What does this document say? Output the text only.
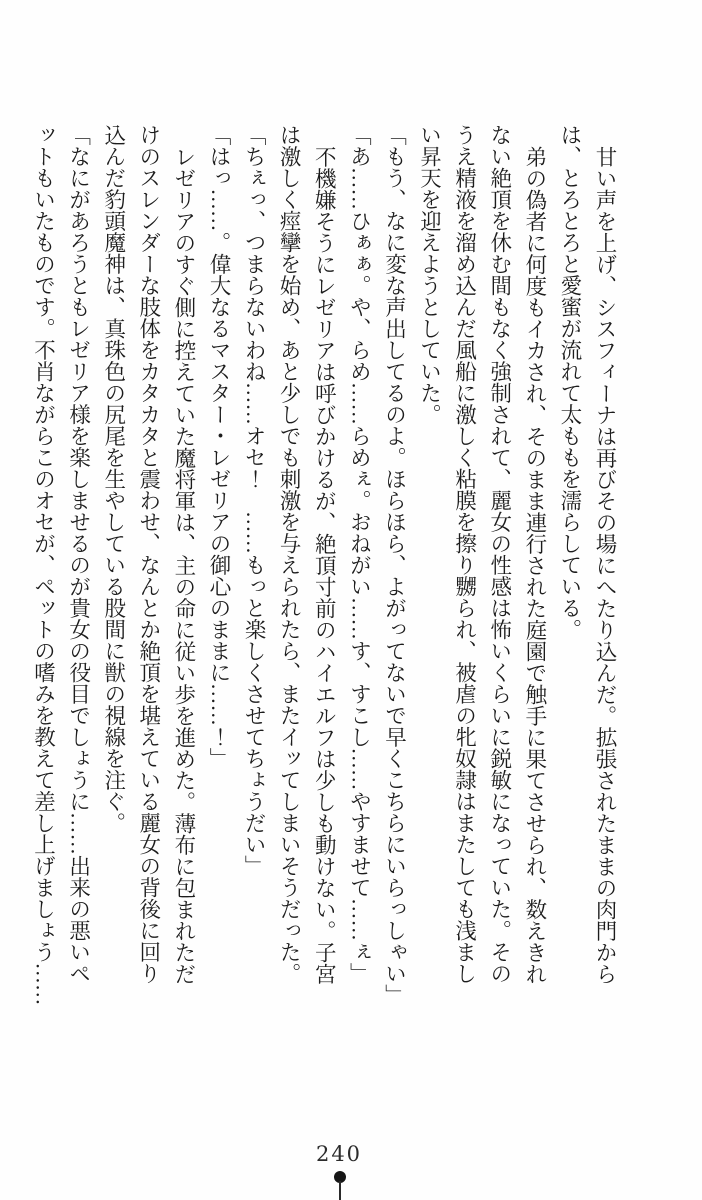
甘い声を上げ、シスフィーナは再びその場にへたり込んだ。拡張されたままの肉門から
は、とろとろと愛蜜が流れて太ももを濡らしている。
弟の偽者に何度もイカされ、そのまま連行された庭園で触手に果てさせられ、数えきれ
ない絶頂を休む間もなく強制されて、麗女の性感は怖いくらいに鋭敏になっていた。その
うえ精液を溜め込んだ風船に激しく粘膜を擦り嬲られ、被虐の牝奴隷はまたしても浅まし
い昇天を迎えようとしていた。
「もう、なに変な声出してるのよ。ほらほら、よがってないで早くこちらにいらっしゃい」
「あ……ひぁぁ。や、らめ……らめぇ。おねがい……す、すこし……やすませて……ぇ」
不機嫌そうにレゼリアは呼びかけるが、絶頂寸前のハイエルフは少しも動けない。子宮
は激しく痙攣を始め、あと少しでも刺激を与えられたら、またイッてしまいそうだった。
「ちぇっ、つまらないわね……オセ！　……もっと楽しくさせてちょうだい」
「はっ……。偉大なるマスター・レゼリアの御心のままに……！」
レゼリアのすぐ側に控えていた魔将軍は、主の命に従い歩を進めた。薄布に包まれただ
けのスレンダーな肢体をカタカタと震わせ、なんとか絶頂を堪えている麗女の背後に回り
込んだ豹頭魔神は、真珠色の尻尾を生やしている股間に獣の視線を注ぐ。
「なにがあろうともレゼリア様を楽しませるのが貴女の役目でしょうに……出来の悪いペ
ットもいたものです。不肖ながらこのオセが、ペットの嗜みを教えて差し上げましょう……
240
